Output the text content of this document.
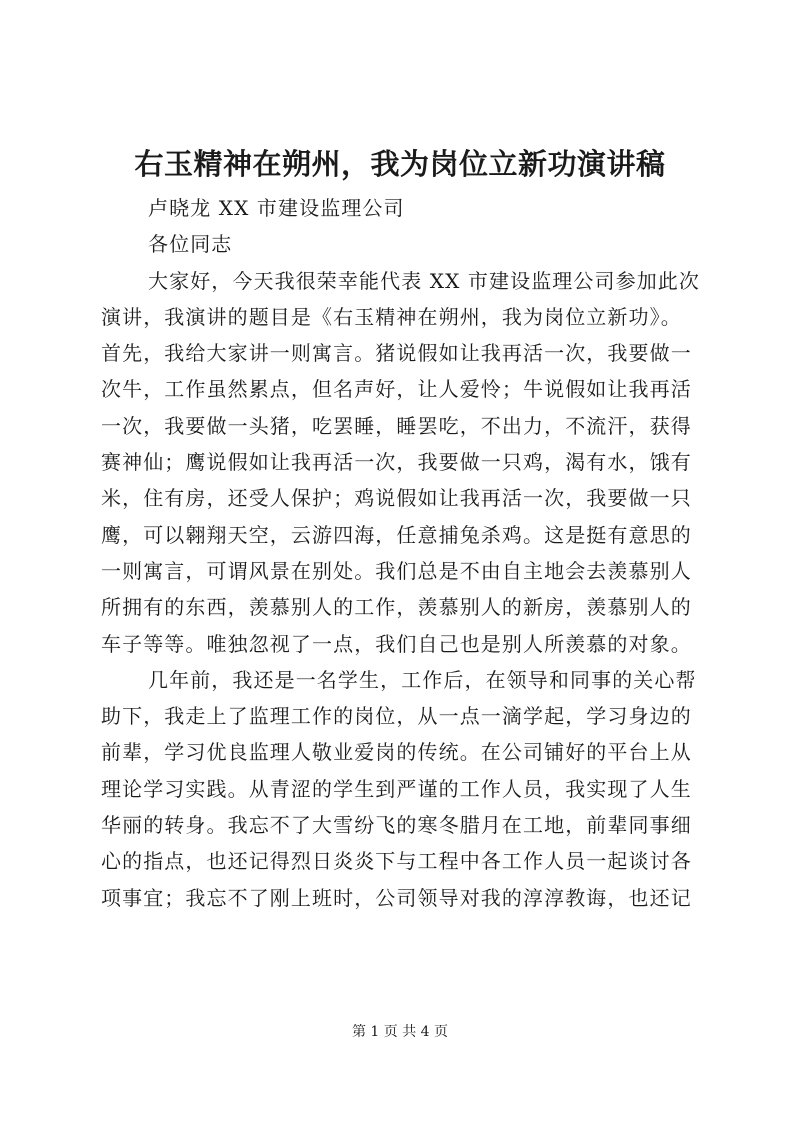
右玉精神在朔州，我为岗位立新功演讲稿
卢晓龙 XX 市建设监理公司
各位同志
大家好，今天我很荣幸能代表 XX 市建设监理公司参加此次
演讲，我演讲的题目是《右玉精神在朔州，我为岗位立新功》。
首先，我给大家讲一则寓言。猪说假如让我再活一次，我要做一
次牛，工作虽然累点，但名声好，让人爱怜；牛说假如让我再活
一次，我要做一头猪，吃罢睡，睡罢吃，不出力，不流汗，获得
赛神仙；鹰说假如让我再活一次，我要做一只鸡，渴有水，饿有
米，住有房，还受人保护；鸡说假如让我再活一次，我要做一只
鹰，可以翱翔天空，云游四海，任意捕兔杀鸡。这是挺有意思的
一则寓言，可谓风景在别处。我们总是不由自主地会去羡慕别人
所拥有的东西，羡慕别人的工作，羡慕别人的新房，羡慕别人的
车子等等。唯独忽视了一点，我们自己也是别人所羡慕的对象。
几年前，我还是一名学生，工作后，在领导和同事的关心帮
助下，我走上了监理工作的岗位，从一点一滴学起，学习身边的
前辈，学习优良监理人敬业爱岗的传统。在公司铺好的平台上从
理论学习实践。从青涩的学生到严谨的工作人员，我实现了人生
华丽的转身。我忘不了大雪纷飞的寒冬腊月在工地，前辈同事细
心的指点，也还记得烈日炎炎下与工程中各工作人员一起谈讨各
项事宜；我忘不了刚上班时，公司领导对我的淳淳教诲，也还记
第 1 页 共 4 页
